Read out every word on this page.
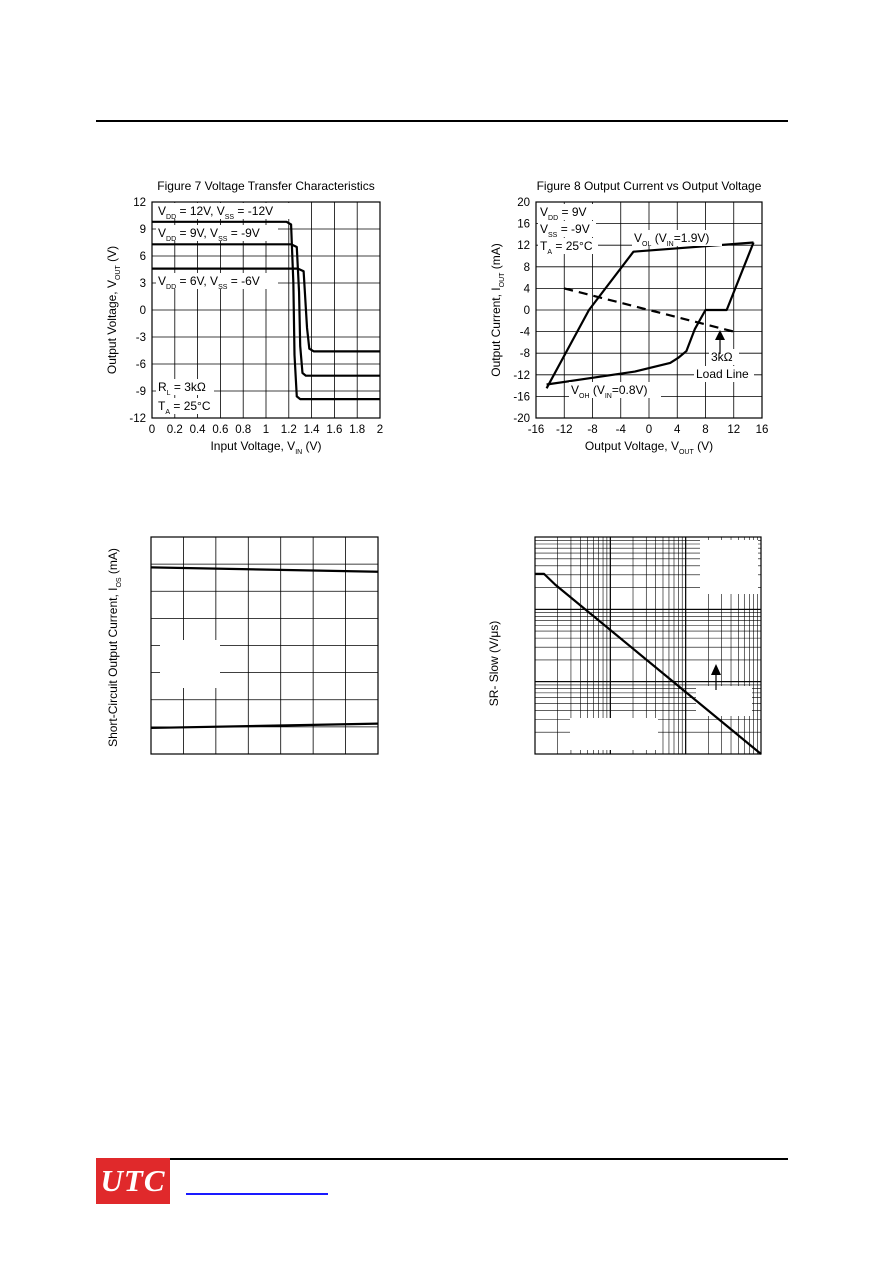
0 0.2 0.4 0.6 0.8 1 1.2 1.4 1.6 1.8 2
12
9
6
3
0
-3
-6
-9
-12
Figure 7 Voltage Transfer Characteristics
Input Voltage, $V_{IN}$ (V)
Output Voltage, $V_{OUT}$ (V)
$V_{DD} = 12V$, $V_{SS} = -12V$
$V_{DD} = 9V$, $V_{SS} = -9V$
$V_{DD} = 6V$, $V_{SS} = -6V$
$R_L = 3k\Omega$
$T_A = 25^\circ C$
-16 -12 -8 -4 0 4 8 12 16
20
16
12
8
4
0
-4
-8
-12
-16
-20
Figure 8 Output Current vs Output Voltage
Output Voltage, $V_{OUT}$ (V)
Output Current, $I_{OUT}$ (mA)
$V_{DD} = 9V$
$V_{SS} = -9V$
$T_A = 25^\circ C$
$V_{OL}$ $(V_{IN}=1.9V)$
$V_{OH}$ $(V_{IN}=0.8V)$
3kΩ
Load Line
Short-Circuit Output Current, $I_{OS}$ (mA)
SR- Slow (V/μs)
UTC
